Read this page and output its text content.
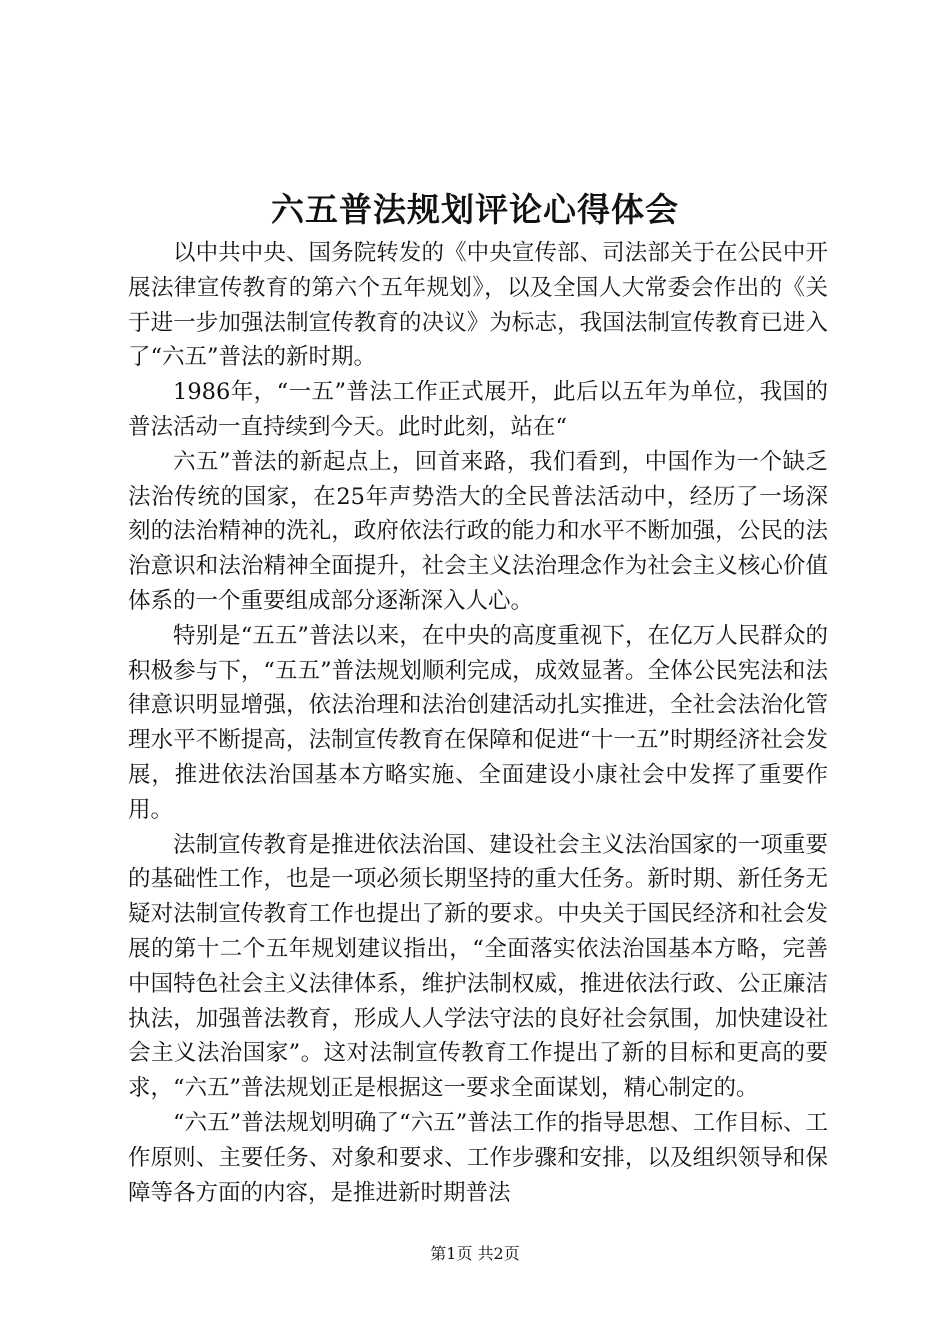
六五普法规划评论心得体会

以中共中央、国务院转发的《中央宣传部、司法部关于在公民中开展法律宣传教育的第六个五年规划》，以及全国人大常委会作出的《关于进一步加强法制宣传教育的决议》为标志，我国法制宣传教育已进入了“六五”普法的新时期。

1986年，“一五”普法工作正式展开，此后以五年为单位，我国的普法活动一直持续到今天。此时此刻，站在“

六五”普法的新起点上，回首来路，我们看到，中国作为一个缺乏法治传统的国家，在25年声势浩大的全民普法活动中，经历了一场深刻的法治精神的洗礼，政府依法行政的能力和水平不断加强，公民的法治意识和法治精神全面提升，社会主义法治理念作为社会主义核心价值体系的一个重要组成部分逐渐深入人心。

特别是“五五”普法以来，在中央的高度重视下，在亿万人民群众的积极参与下，“五五”普法规划顺利完成，成效显著。全体公民宪法和法律意识明显增强，依法治理和法治创建活动扎实推进，全社会法治化管理水平不断提高，法制宣传教育在保障和促进“十一五”时期经济社会发展，推进依法治国基本方略实施、全面建设小康社会中发挥了重要作用。

法制宣传教育是推进依法治国、建设社会主义法治国家的一项重要的基础性工作，也是一项必须长期坚持的重大任务。新时期、新任务无疑对法制宣传教育工作也提出了新的要求。中央关于国民经济和社会发展的第十二个五年规划建议指出，“全面落实依法治国基本方略，完善中国特色社会主义法律体系，维护法制权威，推进依法行政、公正廉洁执法，加强普法教育，形成人人学法守法的良好社会氛围，加快建设社会主义法治国家”。这对法制宣传教育工作提出了新的目标和更高的要求，“六五”普法规划正是根据这一要求全面谋划，精心制定的。

“六五”普法规划明确了“六五”普法工作的指导思想、工作目标、工作原则、主要任务、对象和要求、工作步骤和安排，以及组织领导和保障等各方面的内容，是推进新时期普法

第1页 共2页
